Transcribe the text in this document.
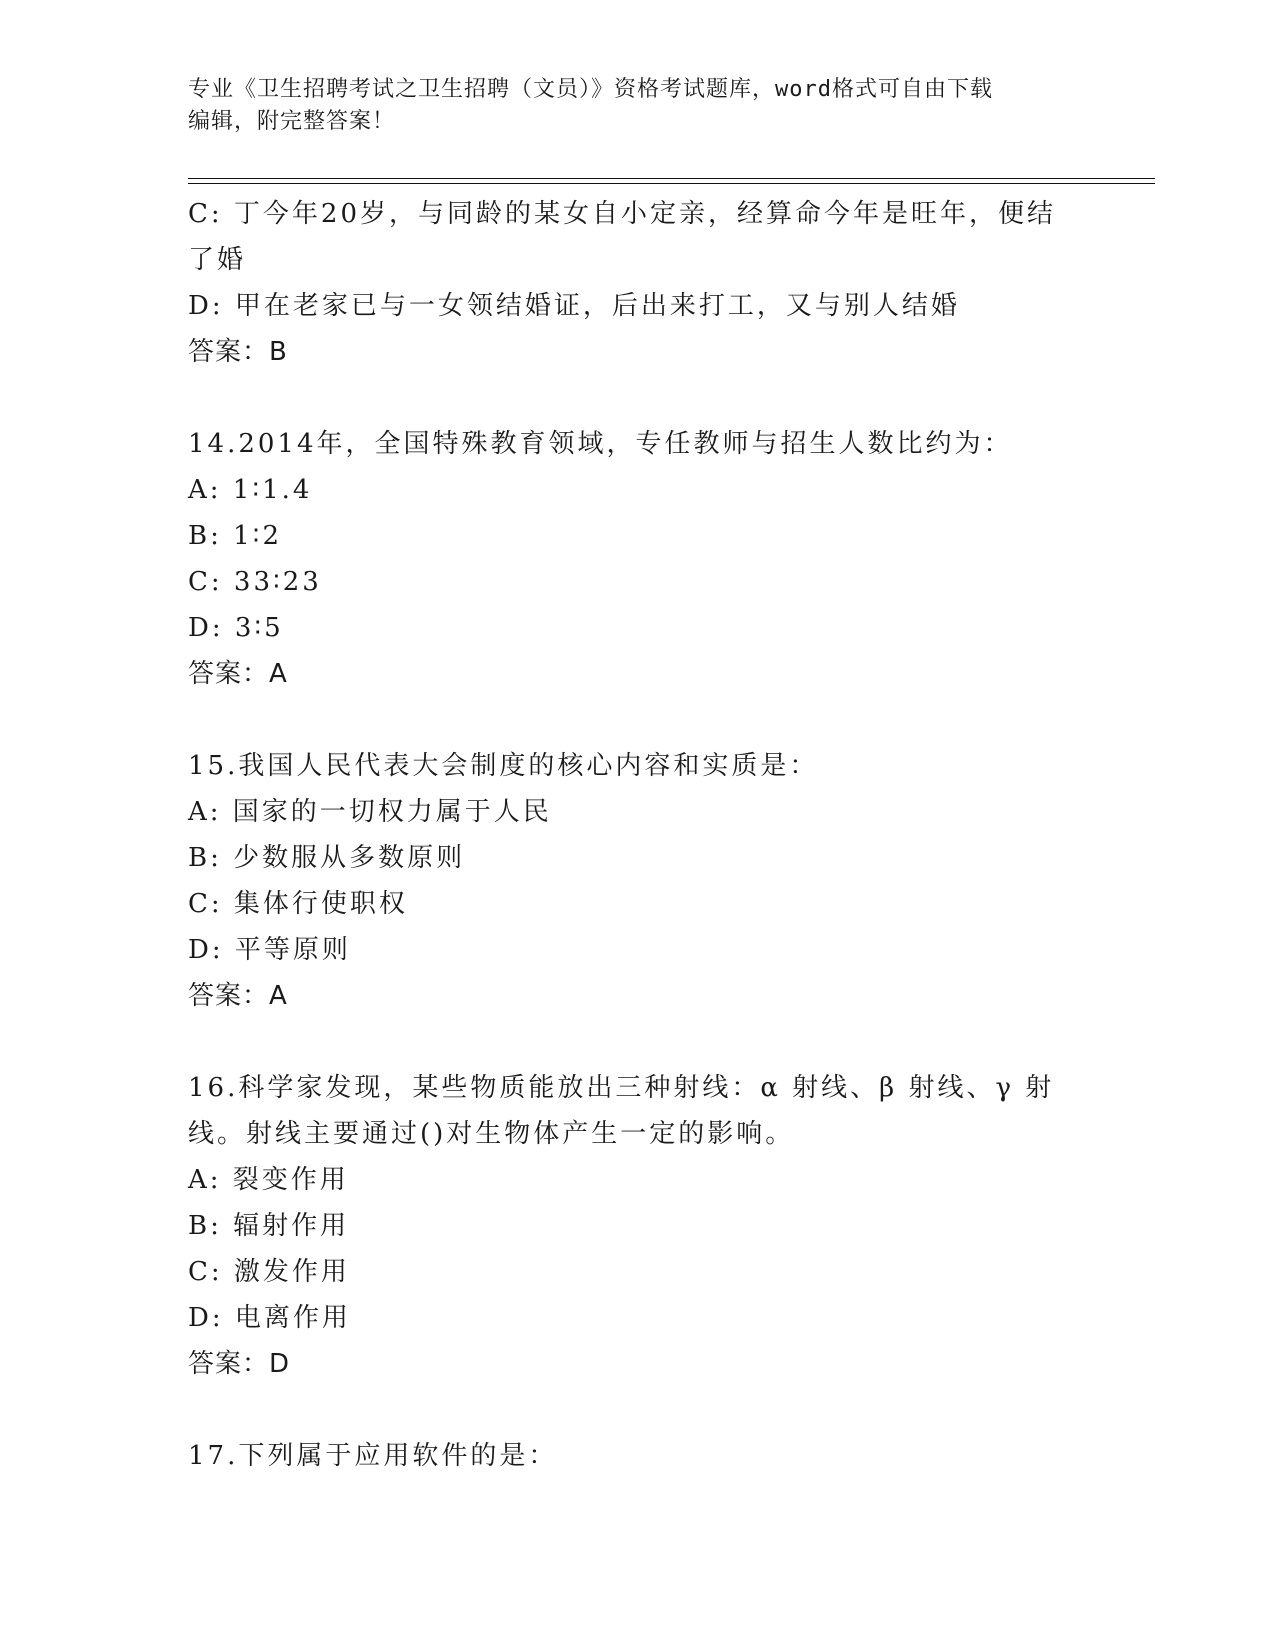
专业《卫生招聘考试之卫生招聘（文员）》资格考试题库，word格式可自由下载
编辑，附完整答案！
C: 丁今年20岁，与同龄的某女自小定亲，经算命今年是旺年，便结
了婚
D: 甲在老家已与一女领结婚证，后出来打工，又与别人结婚
答案：B
14.2014年，全国特殊教育领域，专任教师与招生人数比约为：
A: 1∶1.4
B: 1∶2
C: 33∶23
D: 3∶5
答案：A
15.我国人民代表大会制度的核心内容和实质是：
A: 国家的一切权力属于人民
B: 少数服从多数原则
C: 集体行使职权
D: 平等原则
答案：A
16.科学家发现，某些物质能放出三种射线：α 射线、β 射线、γ 射
线。射线主要通过()对生物体产生一定的影响。
A: 裂变作用
B: 辐射作用
C: 激发作用
D: 电离作用
答案：D
17.下列属于应用软件的是：
